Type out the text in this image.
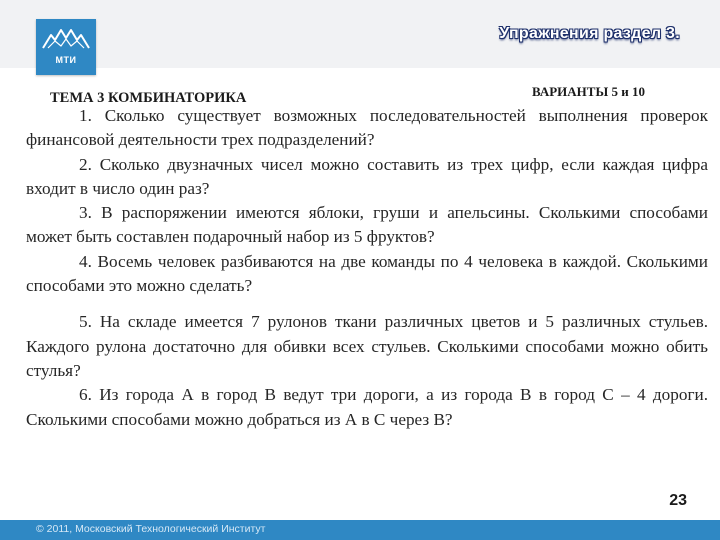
МТИ
Упражнения раздел 3.
ВАРИАНТЫ 5 и 10
ТЕМА 3 КОМБИНАТОРИКА

1. Сколько существует возможных последовательностей выполнения проверок финансовой деятельности трех подразделений?

2. Сколько двузначных чисел можно составить из трех цифр, если каждая цифра входит в число один раз?

3. В распоряжении имеются яблоки, груши и апельсины. Сколькими способами может быть составлен подарочный набор из 5 фруктов?

4. Восемь человек разбиваются на две команды по 4 человека в каждой. Сколькими способами это можно сделать?

5. На складе имеется 7 рулонов ткани различных цветов и 5 различных стульев. Каждого рулона достаточно для обивки всех стульев. Сколькими способами можно обить стулья?

6. Из города А в город В ведут три дороги, а из города В в город С – 4 дороги. Сколькими способами можно добраться из А в С через В?

23
© 2011, Московский Технологический Институт
